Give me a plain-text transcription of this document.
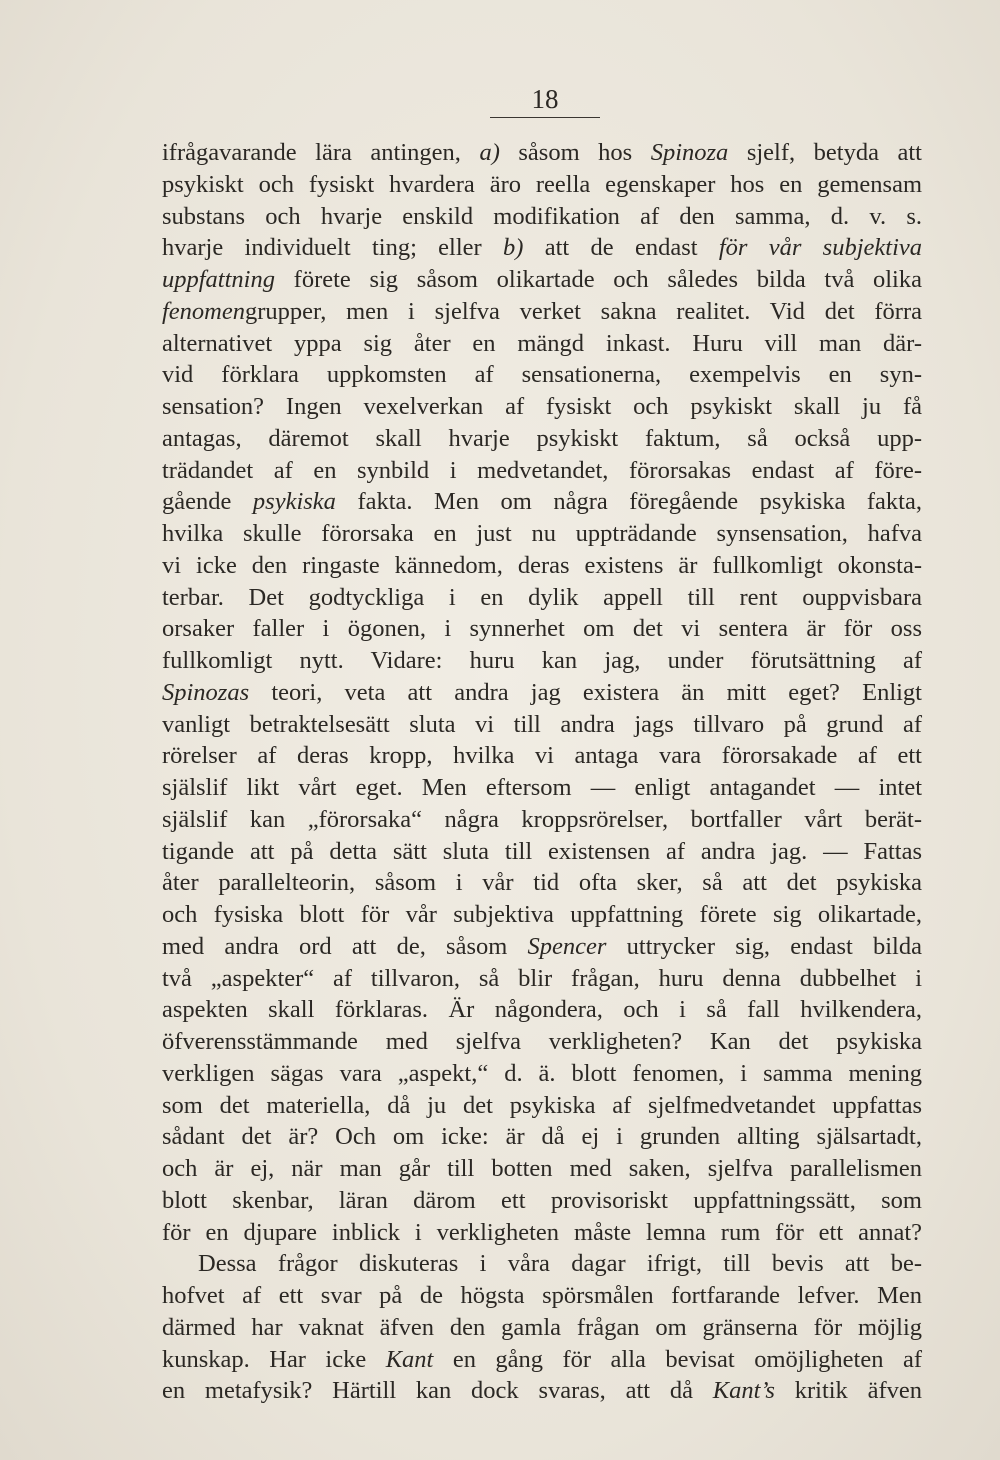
18
ifrågavarande lära antingen, a) såsom hos Spinoza sjelf, betyda att
psykiskt och fysiskt hvardera äro reella egenskaper hos en gemensam
substans och hvarje enskild modifikation af den samma, d. v. s.
hvarje individuelt ting; eller b) att de endast för vår subjektiva
uppfattning förete sig såsom olikartade och således bilda två olika
fenomengrupper, men i sjelfva verket sakna realitet. Vid det förra
alternativet yppa sig åter en mängd inkast. Huru vill man där-
vid förklara uppkomsten af sensationerna, exempelvis en syn-
sensation? Ingen vexelverkan af fysiskt och psykiskt skall ju få
antagas, däremot skall hvarje psykiskt faktum, så också upp-
trädandet af en synbild i medvetandet, förorsakas endast af före-
gående psykiska fakta. Men om några föregående psykiska fakta,
hvilka skulle förorsaka en just nu uppträdande synsensation, hafva
vi icke den ringaste kännedom, deras existens är fullkomligt okonsta-
terbar. Det godtyckliga i en dylik appell till rent ouppvisbara
orsaker faller i ögonen, i synnerhet om det vi sentera är för oss
fullkomligt nytt. Vidare: huru kan jag, under förutsättning af
Spinozas teori, veta att andra jag existera än mitt eget? Enligt
vanligt betraktelsesätt sluta vi till andra jags tillvaro på grund af
rörelser af deras kropp, hvilka vi antaga vara förorsakade af ett
själslif likt vårt eget. Men eftersom — enligt antagandet — intet
själslif kan „förorsaka“ några kroppsrörelser, bortfaller vårt berät-
tigande att på detta sätt sluta till existensen af andra jag. — Fattas
åter parallelteorin, såsom i vår tid ofta sker, så att det psykiska
och fysiska blott för vår subjektiva uppfattning förete sig olikartade,
med andra ord att de, såsom Spencer uttrycker sig, endast bilda
två „aspekter“ af tillvaron, så blir frågan, huru denna dubbelhet i
aspekten skall förklaras. Är någondera, och i så fall hvilkendera,
öfverensstämmande med sjelfva verkligheten? Kan det psykiska
verkligen sägas vara „aspekt,“ d. ä. blott fenomen, i samma mening
som det materiella, då ju det psykiska af sjelfmedvetandet uppfattas
sådant det är? Och om icke: är då ej i grunden allting själsartadt,
och är ej, när man går till botten med saken, sjelfva parallelismen
blott skenbar, läran därom ett provisoriskt uppfattningssätt, som
för en djupare inblick i verkligheten måste lemna rum för ett annat?
Dessa frågor diskuteras i våra dagar ifrigt, till bevis att be-
hofvet af ett svar på de högsta spörsmålen fortfarande lefver. Men
därmed har vaknat äfven den gamla frågan om gränserna för möjlig
kunskap. Har icke Kant en gång för alla bevisat omöjligheten af
en metafysik? Härtill kan dock svaras, att då Kant’s kritik äfven
